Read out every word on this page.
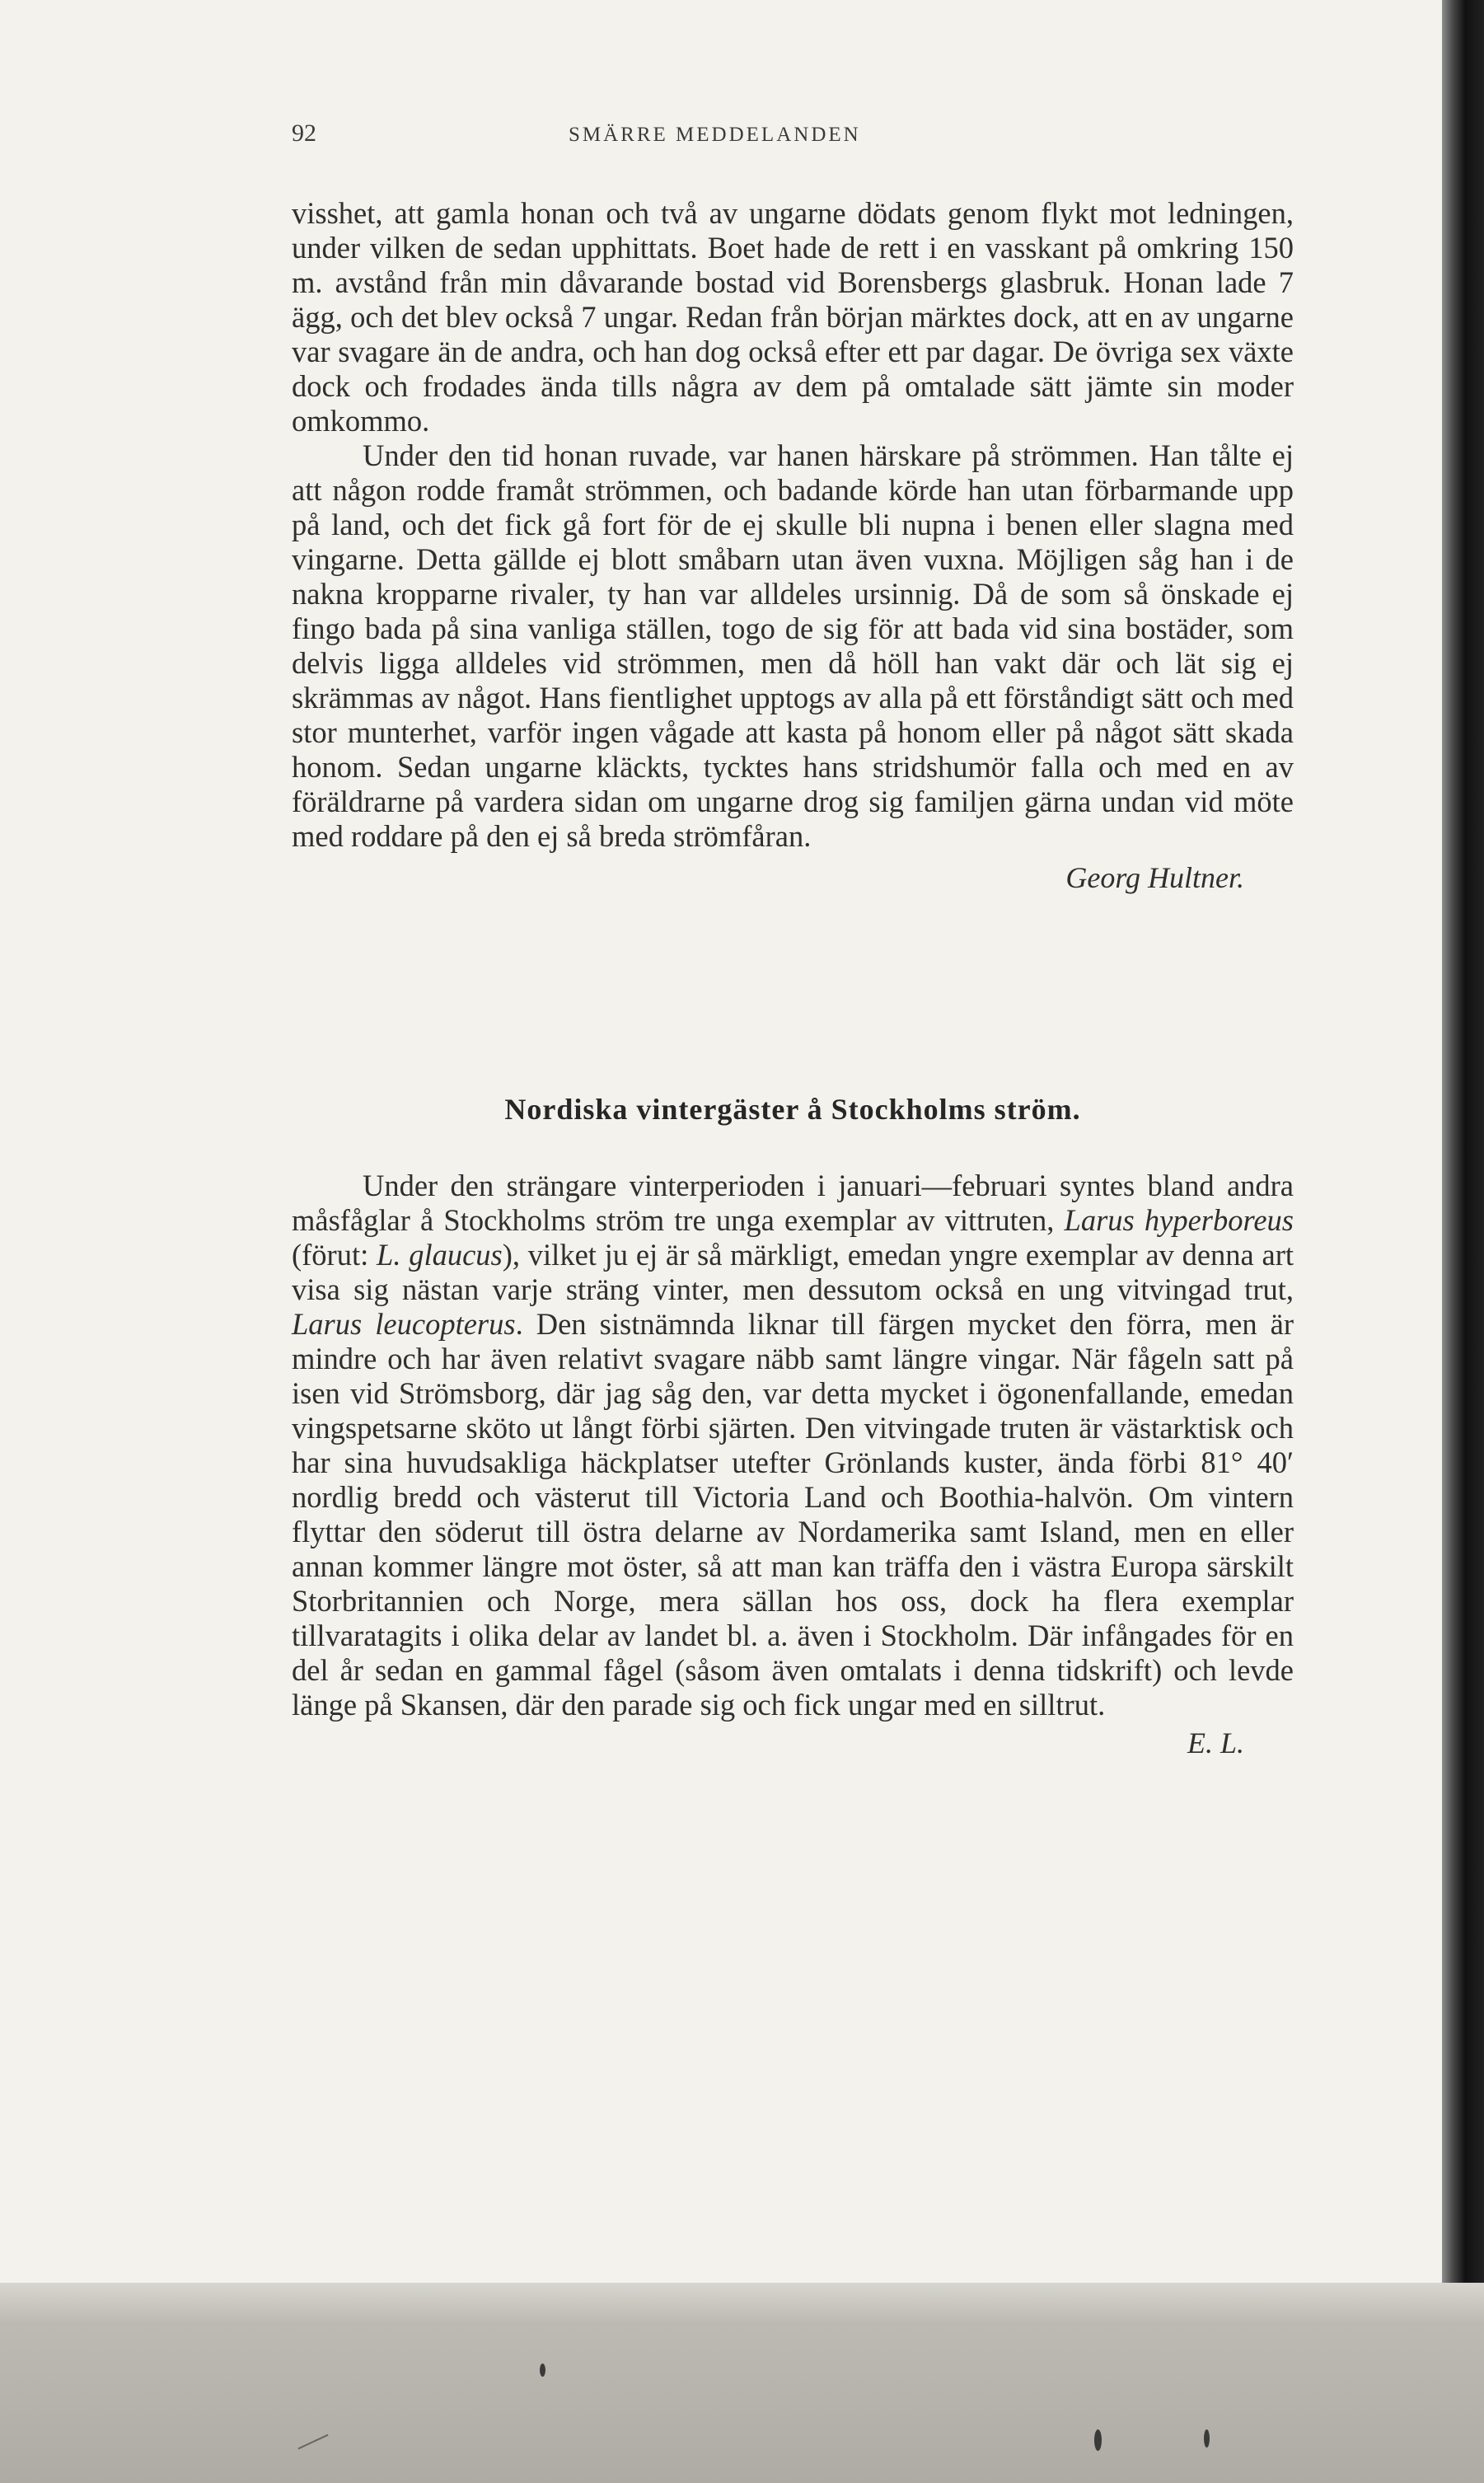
92	SMÄRRE MEDDELANDEN

visshet, att gamla honan och två av ungarne dödats genom flykt mot ledningen, under vilken de sedan upphittats. Boet hade de rett i en vasskant på omkring 150 m. avstånd från min dåvarande bostad vid Borensbergs glasbruk. Honan lade 7 ägg, och det blev också 7 ungar. Redan från början märktes dock, att en av ungarne var svagare än de andra, och han dog också efter ett par dagar. De övriga sex växte dock och frodades ända tills några av dem på omtalade sätt jämte sin moder omkommo.

Under den tid honan ruvade, var hanen härskare på strömmen. Han tålte ej att någon rodde framåt strömmen, och badande körde han utan förbarmande upp på land, och det fick gå fort för de ej skulle bli nupna i benen eller slagna med vingarne. Detta gällde ej blott småbarn utan även vuxna. Möjligen såg han i de nakna kropparne rivaler, ty han var alldeles ursinnig. Då de som så önskade ej fingo bada på sina vanliga ställen, togo de sig för att bada vid sina bostäder, som delvis ligga alldeles vid strömmen, men då höll han vakt där och lät sig ej skrämmas av något. Hans fientlighet upptogs av alla på ett förståndigt sätt och med stor munterhet, varför ingen vågade att kasta på honom eller på något sätt skada honom. Sedan ungarne kläckts, tycktes hans stridshumör falla och med en av föräldrarne på vardera sidan om ungarne drog sig familjen gärna undan vid möte med roddare på den ej så breda strömfåran.

Georg Hultner.

Nordiska vintergäster å Stockholms ström.

Under den strängare vinterperioden i januari—februari syntes bland andra måsfåglar å Stockholms ström tre unga exemplar av vittruten, Larus hyperboreus (förut: L. glaucus), vilket ju ej är så märkligt, emedan yngre exemplar av denna art visa sig nästan varje sträng vinter, men dessutom också en ung vitvingad trut, Larus leucopterus. Den sistnämnda liknar till färgen mycket den förra, men är mindre och har även relativt svagare näbb samt längre vingar. När fågeln satt på isen vid Strömsborg, där jag såg den, var detta mycket i ögonenfallande, emedan vingspetsarne sköto ut långt förbi sjärten. Den vitvingade truten är västarktisk och har sina huvudsakliga häckplatser utefter Grönlands kuster, ända förbi 81° 40′ nordlig bredd och västerut till Victoria Land och Boothia-halvön. Om vintern flyttar den söderut till östra delarne av Nordamerika samt Island, men en eller annan kommer längre mot öster, så att man kan träffa den i västra Europa särskilt Storbritannien och Norge, mera sällan hos oss, dock ha flera exemplar tillvaratagits i olika delar av landet bl. a. även i Stockholm. Där infångades för en del år sedan en gammal fågel (såsom även omtalats i denna tidskrift) och levde länge på Skansen, där den parade sig och fick ungar med en silltrut.

E. L.
